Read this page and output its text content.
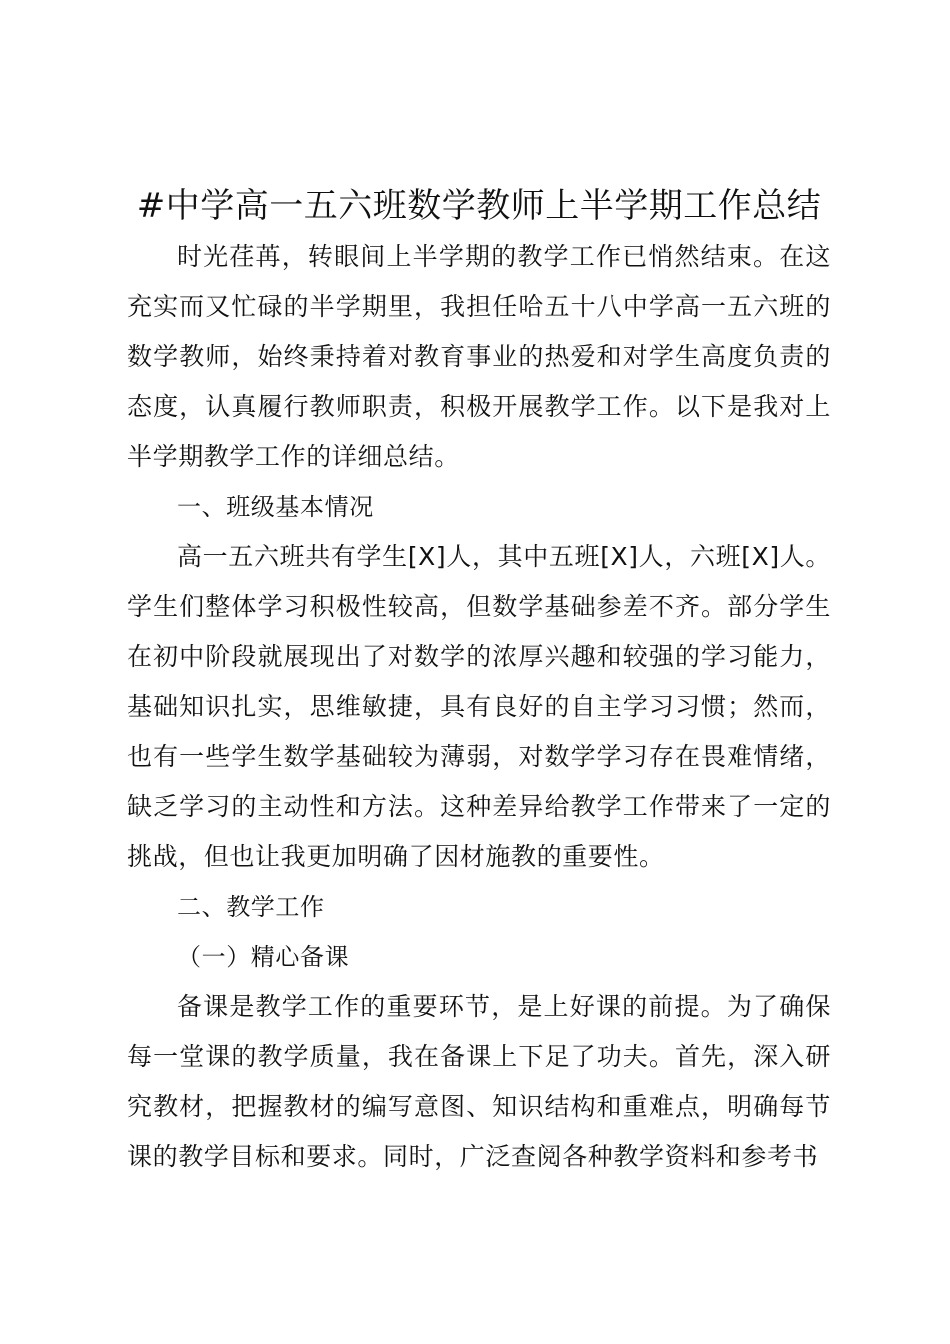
#中学高一五六班数学教师上半学期工作总结

时光荏苒，转眼间上半学期的教学工作已悄然结束。在这充实而又忙碌的半学期里，我担任哈五十八中学高一五六班的数学教师，始终秉持着对教育事业的热爱和对学生高度负责的态度，认真履行教师职责，积极开展教学工作。以下是我对上半学期教学工作的详细总结。

一、班级基本情况

高一五六班共有学生[X]人，其中五班[X]人，六班[X]人。学生们整体学习积极性较高，但数学基础参差不齐。部分学生在初中阶段就展现出了对数学的浓厚兴趣和较强的学习能力，基础知识扎实，思维敏捷，具有良好的自主学习习惯；然而，也有一些学生数学基础较为薄弱，对数学学习存在畏难情绪，缺乏学习的主动性和方法。这种差异给教学工作带来了一定的挑战，但也让我更加明确了因材施教的重要性。

二、教学工作

（一）精心备课

备课是教学工作的重要环节，是上好课的前提。为了确保每一堂课的教学质量，我在备课上下足了功夫。首先，深入研究教材，把握教材的编写意图、知识结构和重难点，明确每节课的教学目标和要求。同时，广泛查阅各种教学资料和参考书
